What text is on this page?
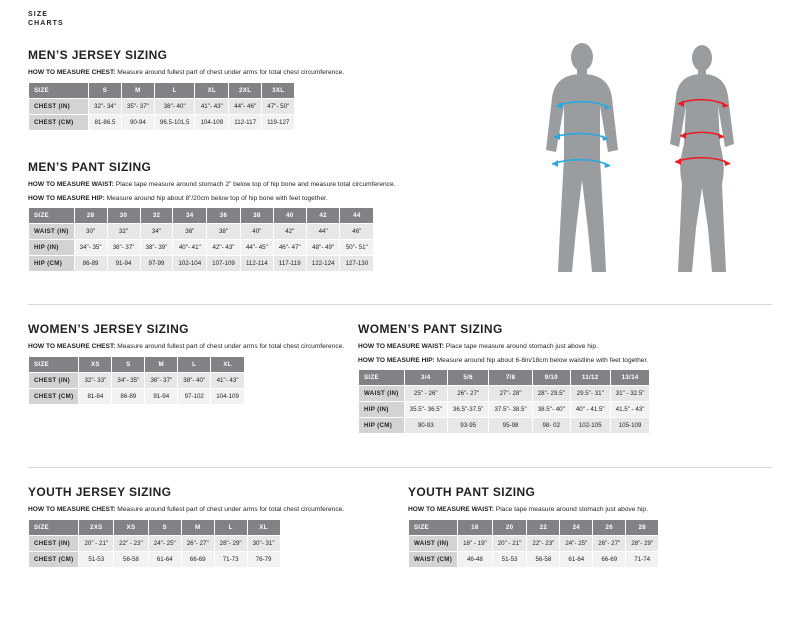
SIZE
CHARTS
MEN’S JERSEY SIZING

HOW TO MEASURE CHEST: Measure around fullest part of chest under arms for total chest circumference.

SIZE	S	M	L	XL	2XL	3XL
CHEST (IN)	32"- 34"	35"- 37"	38"- 40"	41"- 43"	44"- 46"	47"- 50"
CHEST (CM)	81-86.5	90-94	96.5-101.5	104-109	112-117	119-127
MEN’S PANT SIZING

HOW TO MEASURE WAIST: Place tape measure around stomach 2” below top of hip bone and measure total circumference.

HOW TO MEASURE HIP: Measure around hip about 8”/20cm below top of hip bone with feet together.

SIZE	28	30	32	34	36	38	40	42	44
WAIST (IN)	30"	32"	34"	36"	38"	40"	42"	44"	46"
HIP (IN)	34"- 35"	36"- 37"	38"- 39"	40"- 41"	42"- 43"	44"- 45"	46"- 47"	48"- 49"	50"- 51"
HIP (CM)	86-89	91-94	97-99	102-104	107-109	112-114	117-119	122-124	127-130
WOMEN’S JERSEY SIZING

HOW TO MEASURE CHEST: Measure around fullest part of chest under arms for total chest circumference.

SIZE	XS	S	M	L	XL
CHEST (IN)	32"- 33"	34"- 35"	36"- 37"	38"- 40"	41"- 43"
CHEST (CM)	81-84	86-89	91-94	97-102	104-109
WOMEN’S PANT SIZING

HOW TO MEASURE WAIST: Place tape measure around stomach just above hip.

HOW TO MEASURE HIP: Measure around hip about 6-8in/18cm below waistline with feet together.

SIZE	3/4	5/6	7/8	9/10	11/12	13/14
WAIST (IN)	25" - 26"	26"- 27"	27"- 28"	28"- 29.5"	29.5"- 31"	31" - 32.5"
HIP (IN)	35.5"- 36.5"	36.5"-37.5"	37.5"- 38.5"	38.5"- 40"	40" - 41.5"	41.5" - 43"
HIP (CM)	90-93	93-95	95-98	98- 02	102-105	105-109
YOUTH JERSEY SIZING

HOW TO MEASURE CHEST: Measure around fullest part of chest under arms for total chest circumference.

SIZE	2XS	XS	S	M	L	XL
CHEST (IN)	20" - 21"	22" - 23"	24"- 25"	26"- 27"	28"- 29"	30"- 31"
CHEST (CM)	51-53	56-58	61-64	66-69	71-73	76-79
YOUTH PANT SIZING

HOW TO MEASURE WAIST: Place tape measure around stomach just above hip.

SIZE	18	20	22	24	26	28
WAIST (IN)	18" - 19"	20" - 21"	22"- 23"	24"- 25"	26"- 27"	28"- 29"
WAIST (CM)	46-48	51-53	56-58	61-64	66-69	71-74
